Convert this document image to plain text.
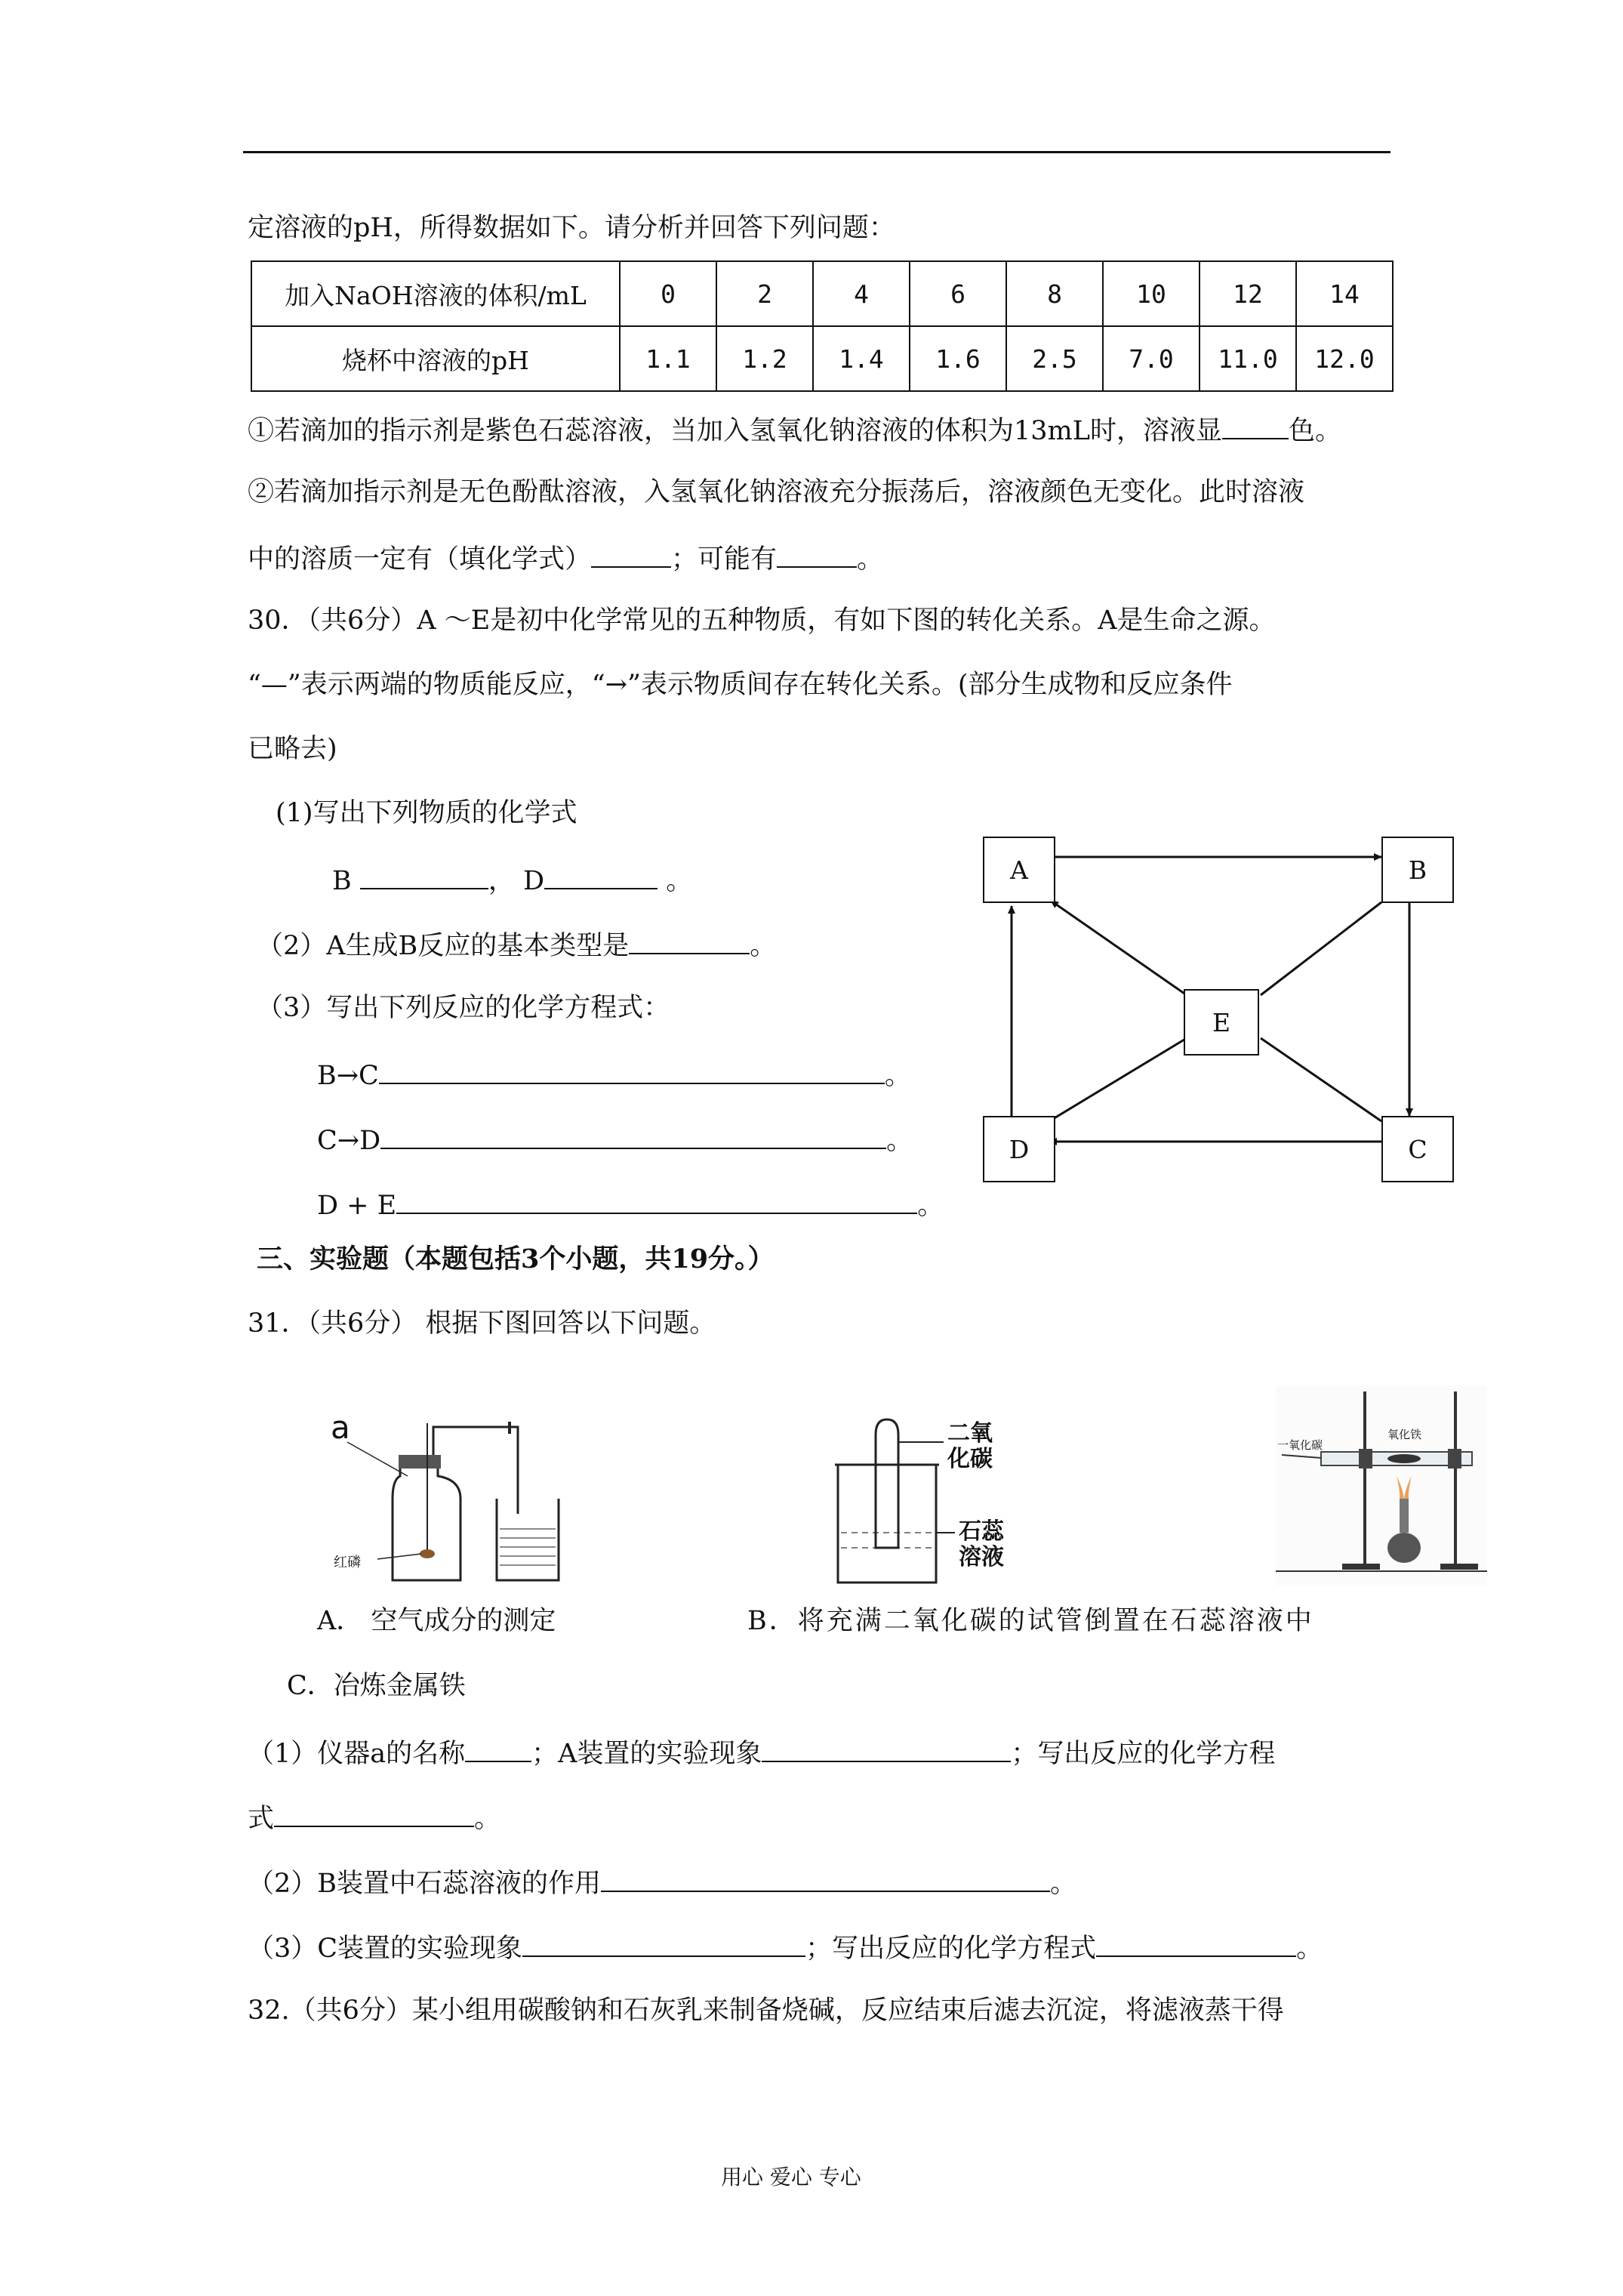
定溶液的pH，所得数据如下。请分析并回答下列问题：
加入NaOH溶液的体积/mL	0	2	4	6	8	10	12	14
烧杯中溶液的pH	1.1	1.2	1.4	1.6	2.5	7.0	11.0	12.0
①若滴加的指示剂是紫色石蕊溶液，当加入氢氧化钠溶液的体积为13mL时，溶液显	色。
②若滴加指示剂是无色酚酞溶液，入氢氧化钠溶液充分振荡后，溶液颜色无变化。此时溶液
中的溶质一定有（填化学式）	；可能有	。
30．（共6分）A ～E是初中化学常见的五种物质，有如下图的转化关系。A是生命之源。
“—”表示两端的物质能反应，“→”表示物质间存在转化关系。(部分生成物和反应条件
已略去)
(1)写出下列物质的化学式
B	， D	。
（2）A生成B反应的基本类型是	。
（3）写出下列反应的化学方程式：
B→C	。
C→D	。
D + E	。
A	B
E
D	C
三、实验题（本题包括3个小题，共19分。）
31．（共6分） 根据下图回答以下问题。
a
红磷
二氧
化碳
石蕊
溶液
一氧化碳
氧化铁
A． 空气成分的测定	B．将充满二氧化碳的试管倒置在石蕊溶液中
C．冶炼金属铁
（1）仪器a的名称	；A装置的实验现象	；写出反应的化学方程
式	。
（2）B装置中石蕊溶液的作用	。
（3）C装置的实验现象	；写出反应的化学方程式	。
32.（共6分）某小组用碳酸钠和石灰乳来制备烧碱，反应结束后滤去沉淀，将滤液蒸干得
用心 爱心 专心
